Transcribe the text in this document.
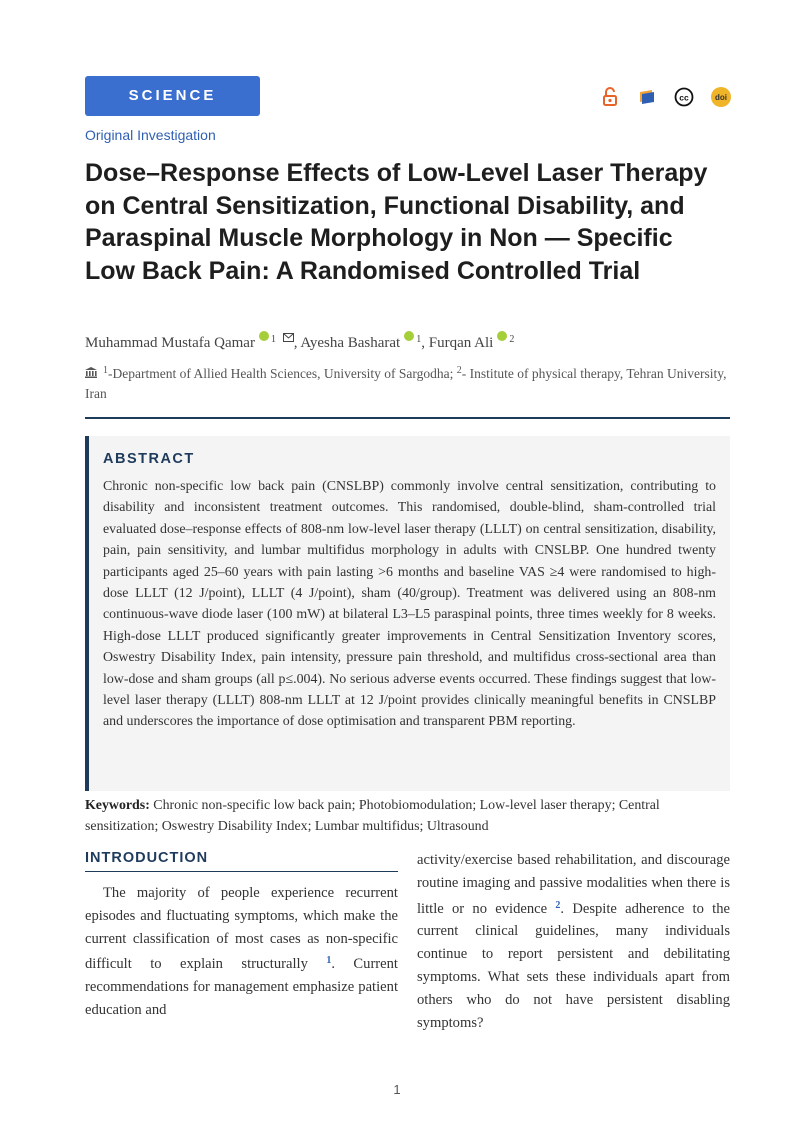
SCIENCE	cc	doi
Original Investigation
Dose–Response Effects of Low-Level Laser Therapy on Central Sensitization, Functional Disability, and Paraspinal Muscle Morphology in Non — Specific Low Back Pain: A Randomised Controlled Trial
Muhammad Mustafa Qamar $^1$ , Ayesha Basharat $^1$, Furqan Ali $^2$
$^1$-Department of Allied Health Sciences, University of Sargodha; $^2$- Institute of physical therapy, Tehran University, Iran
ABSTRACT

Chronic non-specific low back pain (CNSLBP) commonly involve central sensitization, contributing to disability and inconsistent treatment outcomes. This randomised, double-blind, sham-controlled trial evaluated dose–response effects of 808-nm low-level laser therapy (LLLT) on central sensitization, disability, pain, pain sensitivity, and lumbar multifidus morphology in adults with CNSLBP. One hundred twenty participants aged 25–60 years with pain lasting >6 months and baseline VAS ≥4 were randomised to high-dose LLLT (12 J/point), LLLT (4 J/point), sham (40/group). Treatment was delivered using an 808-nm continuous-wave diode laser (100 mW) at bilateral L3–L5 paraspinal points, three times weekly for 8 weeks. High-dose LLLT produced significantly greater improvements in Central Sensitization Inventory scores, Oswestry Disability Index, pain intensity, pressure pain threshold, and multifidus cross-sectional area than low-dose and sham groups (all p≤.004). No serious adverse events occurred. These findings suggest that low-level laser therapy (LLLT) 808-nm LLLT at 12 J/point provides clinically meaningful benefits in CNSLBP and underscores the importance of dose optimisation and transparent PBM reporting.

Keywords: Chronic non-specific low back pain; Photobiomodulation; Low-level laser therapy; Central sensitization; Oswestry Disability Index; Lumbar multifidus; Ultrasound
INTRODUCTION

The majority of people experience recurrent episodes and fluctuating symptoms, which make the current classification of most cases as non-specific difficult to explain structurally $^1$. Current recommendations for management emphasize patient education and

activity/exercise based rehabilitation, and discourage routine imaging and passive modalities when there is little or no evidence $^2$. Despite adherence to the current clinical guidelines, many individuals continue to report persistent and debilitating symptoms. What sets these individuals apart from others who do not have persistent disabling symptoms?

1
